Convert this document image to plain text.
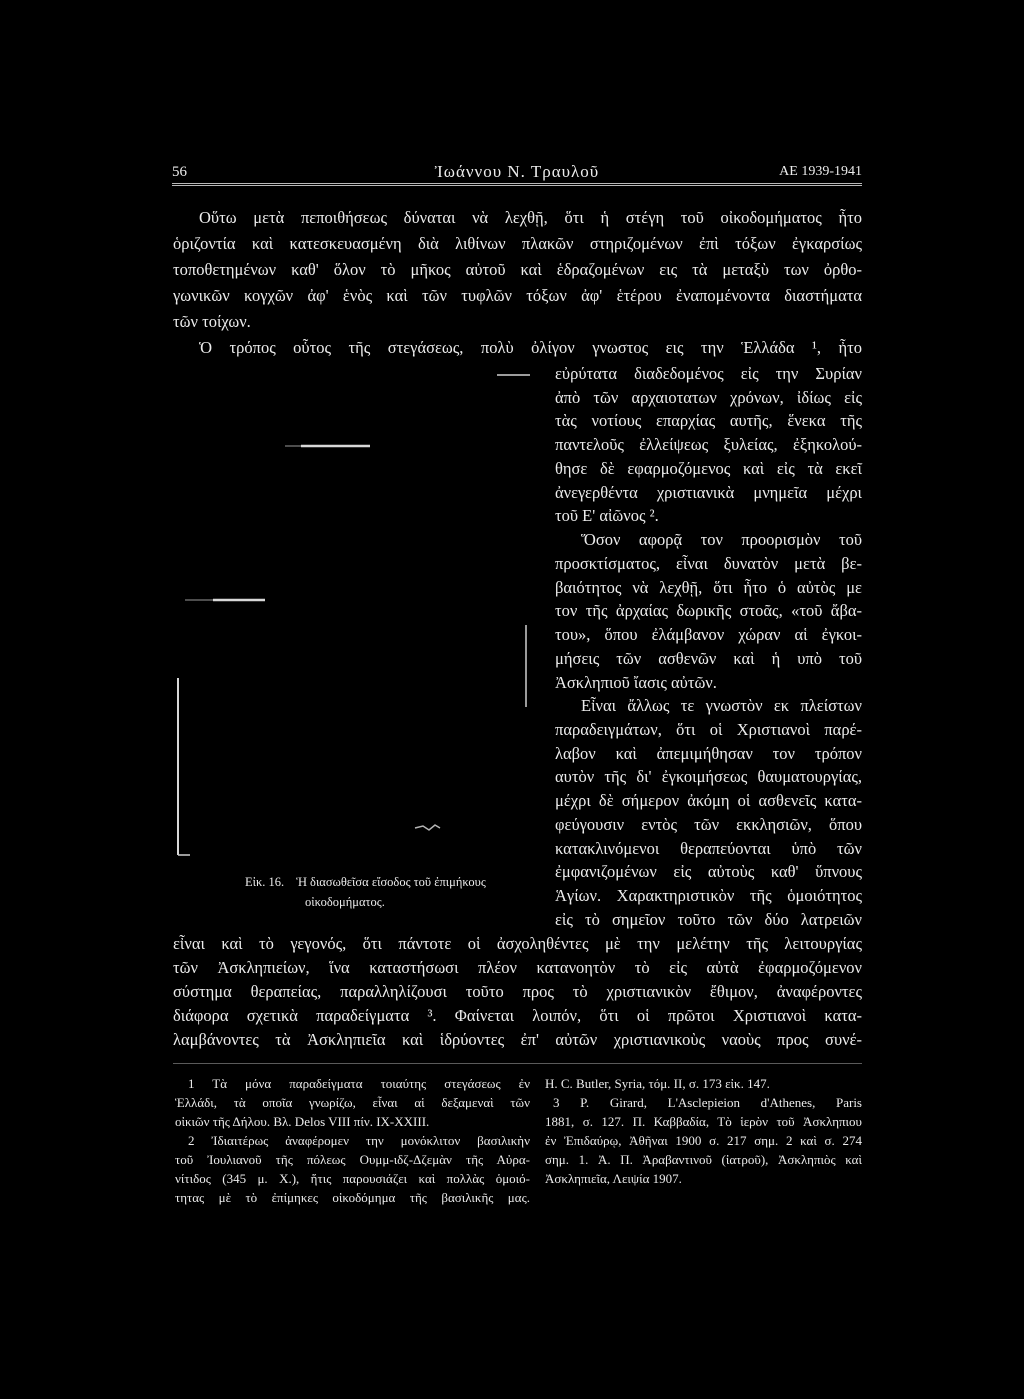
56	Ἰωάννου Ν. Τραυλοῦ	ΑΕ 1939-1941
Οὕτω μετὰ πεποιθήσεως δύναται νὰ λεχθῇ, ὅτι ἡ στέγη τοῦ οἰκοδομήματος ἦτο
ὁριζοντία καὶ κατεσκευασμένη διὰ λιθίνων πλακῶν στηριζομένων ἐπὶ τόξων ἐγκαρσίως
τοποθετημένων καθ' ὅλον τὸ μῆκος αὐτοῦ καὶ ἑδραζομένων εις τὰ μεταξὺ των ὀρθο-
γωνικῶν κογχῶν ἀφ' ἑνὸς καὶ τῶν τυφλῶν τόξων ἀφ' ἑτέρου ἐναπομένοντα διαστήματα
τῶν τοίχων.
Ὁ τρόπος οὗτος τῆς στεγάσεως, πολὺ ὀλίγον γνωστος εις την Ἑλλάδα ¹, ἦτο
Εἰκ. 16. Ἡ διασωθεῖσα εἴσοδος τοῦ ἐπιμήκους
οἰκοδομήματος.
εὐρύτατα διαδεδομένος εἰς την Συρίαν
ἀπὸ τῶν αρχαιοτατων χρόνων, ἰδίως εἰς
τὰς νοτίους επαρχίας αυτῆς, ἕνεκα τῆς
παντελοῦς ἐλλείψεως ξυλείας, ἐξηκολού-
θησε δὲ εφαρμοζόμενος καὶ εἰς τὰ εκεῖ
ἀνεγερθέντα χριστιανικὰ μνημεῖα μέχρι
τοῦ Ε' αἰῶνος ².
Ὅσον αφορᾷ τον προορισμὸν τοῦ
προσκτίσματος, εἶναι δυνατὸν μετὰ βε-
βαιότητος νὰ λεχθῇ, ὅτι ἦτο ὁ αὐτὸς με
τον τῆς ἀρχαίας δωρικῆς στοᾶς, «τοῦ ἄβα-
του», ὅπου ἐλάμβανον χώραν αἱ ἐγκοι-
μήσεις τῶν ασθενῶν καὶ ἡ υπὸ τοῦ
Ἀσκληπιοῦ ἴασις αὐτῶν.
Εἶναι ἄλλως τε γνωστὸν εκ πλείστων
παραδειγμάτων, ὅτι οἱ Χριστιανοὶ παρέ-
λαβον καὶ ἀπεμιμήθησαν τον τρόπον
αυτὸν τῆς δι' ἐγκοιμήσεως θαυματουργίας,
μέχρι δὲ σήμερον ἀκόμη οἱ ασθενεῖς κατα-
φεύγουσιν εντὸς τῶν εκκλησιῶν, ὅπου
κατακλινόμενοι θεραπεύονται ὑπὸ τῶν
ἐμφανιζομένων εἰς αὐτοὺς καθ' ὕπνους
Ἁγίων. Χαρακτηριστικὸν τῆς ὁμοιότητος
εἰς τὸ σημεῖον τοῦτο τῶν δύο λατρειῶν
εἶναι καὶ τὸ γεγονός, ὅτι πάντοτε οἱ ἀσχοληθέντες μὲ την μελέτην τῆς λειτουργίας
τῶν Ἀσκληπιείων, ἵνα καταστήσωσι πλέον κατανοητὸν τὸ εἰς αὐτὰ ἐφαρμοζόμενον
σύστημα θεραπείας, παραλληλίζουσι τοῦτο προς τὸ χριστιανικὸν ἔθιμον, ἀναφέροντες
διάφορα σχετικὰ παραδείγματα ³. Φαίνεται λοιπόν, ὅτι οἱ πρῶτοι Χριστιανοὶ κατα-
λαμβάνοντες τὰ Ἀσκληπιεῖα καὶ ἱδρύοντες ἐπ' αὐτῶν χριστιανικοὺς ναοὺς προς συνέ-
1 Τὰ μόνα παραδείγματα τοιαύτης στεγάσεως ἐν
Ἑλλάδι, τὰ οποῖα γνωρίζω, εἶναι αἱ δεξαμεναὶ τῶν
οἰκιῶν τῆς Δήλου. Βλ. Delos VIII πίν. IX-XXIII.
2 Ἰδιαιτέρως ἀναφέρομεν την μονόκλιτον βασιλικὴν
τοῦ Ἰουλιανοῦ τῆς πόλεως Ουμμ-ιδζ-Δζεμὰν τῆς Αὐρα-
νίτιδος (345 μ. Χ.), ἥτις παρουσιάζει καὶ πολλὰς ὁμοιό-
τητας μὲ τὸ ἐπίμηκες οἰκοδόμημα τῆς βασιλικῆς μας.
H. C. Butler, Syria, τόμ. II, σ. 173 εἰκ. 147.
3 P. Girard, L'Asclepieion d'Athenes, Paris
1881, σ. 127. Π. Καββαδία, Τὸ ἱερὸν τοῦ Ἀσκληπιου
ἐν Ἐπιδαύρῳ, Ἀθῆναι 1900 σ. 217 σημ. 2 καὶ σ. 274
σημ. 1. Ἀ. Π. Ἀραβαντινοῦ (ἰατροῦ), Ἀσκληπιὸς καὶ
Ἀσκληπιεῖα, Λειψία 1907.
